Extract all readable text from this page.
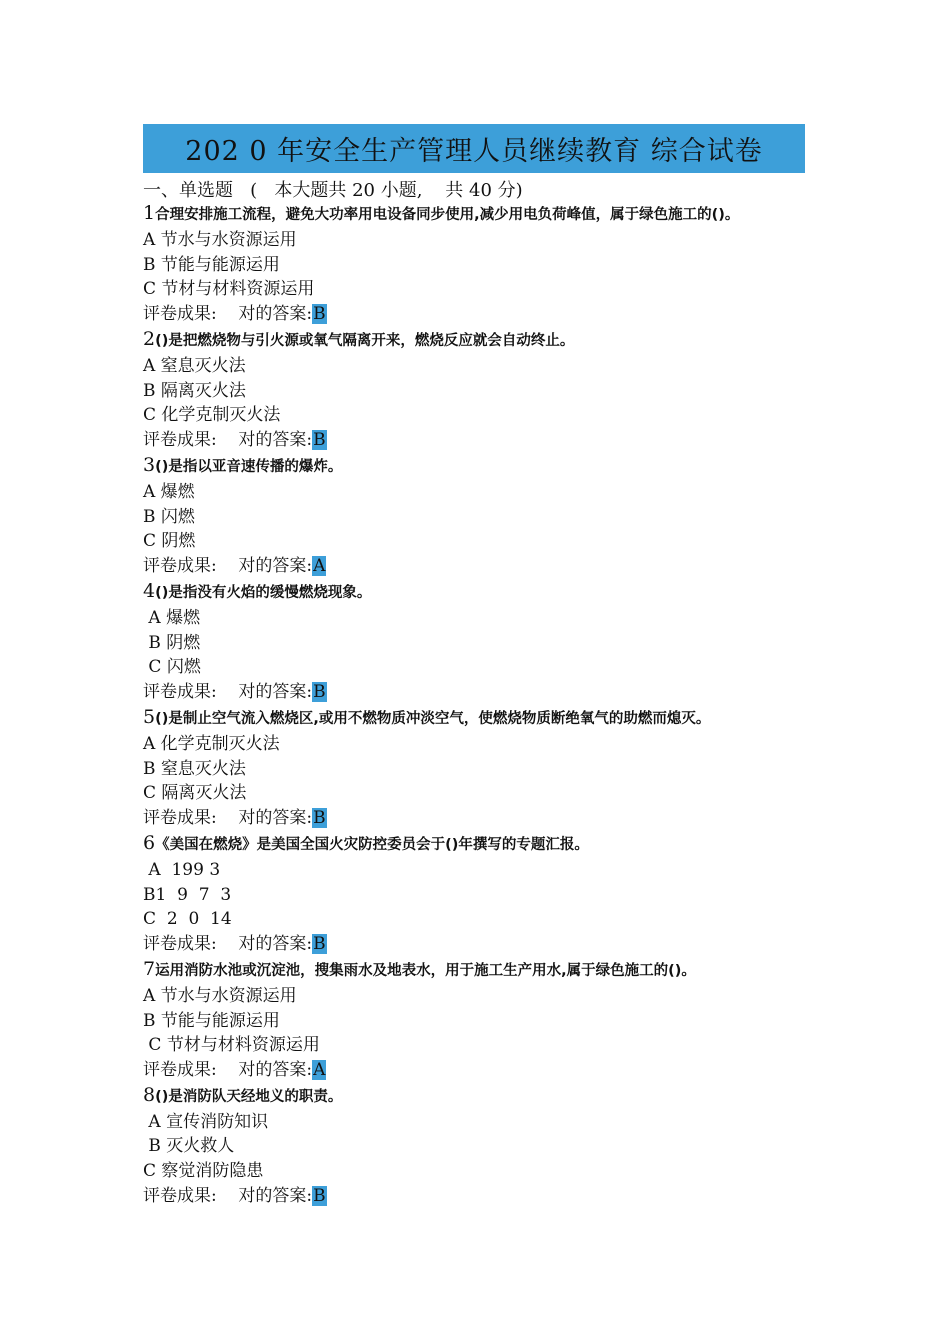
202 0 年安全生产管理人员继续教育 综合试卷
一、单选题   (   本大题共 20 小题,    共 40 分)
1合理安排施工流程，避免大功率用电设备同步使用,减少用电负荷峰值，属于绿色施工的()。
A 节水与水资源运用
B 节能与能源运用
C 节材与材料资源运用
评卷成果:    对的答案:B
2()是把燃烧物与引火源或氧气隔离开来，燃烧反应就会自动终止。
A 窒息灭火法
B 隔离灭火法
C 化学克制灭火法
评卷成果:    对的答案:B
3()是指以亚音速传播的爆炸。
A 爆燃
B 闪燃
C 阴燃
评卷成果:    对的答案:A
4()是指没有火焰的缓慢燃烧现象。
A 爆燃
B 阴燃
C 闪燃
评卷成果:    对的答案:B
5()是制止空气流入燃烧区,或用不燃物质冲淡空气，使燃烧物质断绝氧气的助燃而熄灭。
A 化学克制灭火法
B 窒息灭火法
C 隔离灭火法
评卷成果:    对的答案:B
6《美国在燃烧》是美国全国火灾防控委员会于()年撰写的专题汇报。
A  199 3
B1  9  7  3
C  2  0  14
评卷成果:    对的答案:B
7运用消防水池或沉淀池，搜集雨水及地表水，用于施工生产用水,属于绿色施工的()。
A 节水与水资源运用
B 节能与能源运用
C 节材与材料资源运用
评卷成果:    对的答案:A
8()是消防队天经地义的职责。
A 宣传消防知识
B 灭火救人
C 察觉消防隐患
评卷成果:    对的答案:B
